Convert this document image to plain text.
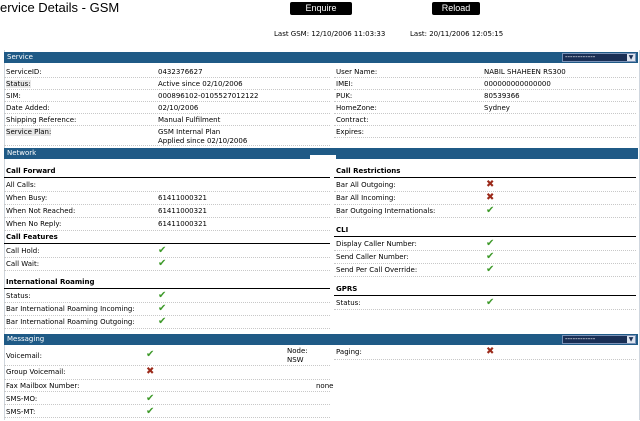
ervice Details - GSM	Enquire	Reload
Last GSM: 12/10/2006 11:03:33	Last: 20/11/2006 12:05:15
Service	------------	▼
ServiceID:	0432376627
Status:	Active since 02/10/2006
SIM:	000896102-0105527012122
Date Added:	02/10/2006
Shipping Reference:	Manual Fulfilment
Service Plan:	GSM Internal Plan
Applied since 02/10/2006
User Name:	NABIL SHAHEEN RS300
IMEI:	000000000000000
PUK:	80539366
HomeZone:	Sydney
Contract:
Expires:
Network
Call Forward
All Calls:
When Busy:	61411000321
When Not Reached:	61411000321
When No Reply:	61411000321
Call Features
Call Hold:	✔
Call Wait:	✔
International Roaming
Status:	✔
Bar International Roaming Incoming: ✔
Bar International Roaming Outgoing: ✔
Call Restrictions
Bar All Outgoing:	✖
Bar All Incoming:	✖
Bar Outgoing Internationals:	✔
CLI
Display Caller Number:	✔
Send Caller Number:	✔
Send Per Call Override:	✔
GPRS
Status:	✔
Messaging	------------	▼
Voicemail:	✔	Node:
NSW
Group Voicemail:	✖
Fax Mailbox Number:	none
SMS-MO:	✔
SMS-MT:	✔
Paging:	✖
